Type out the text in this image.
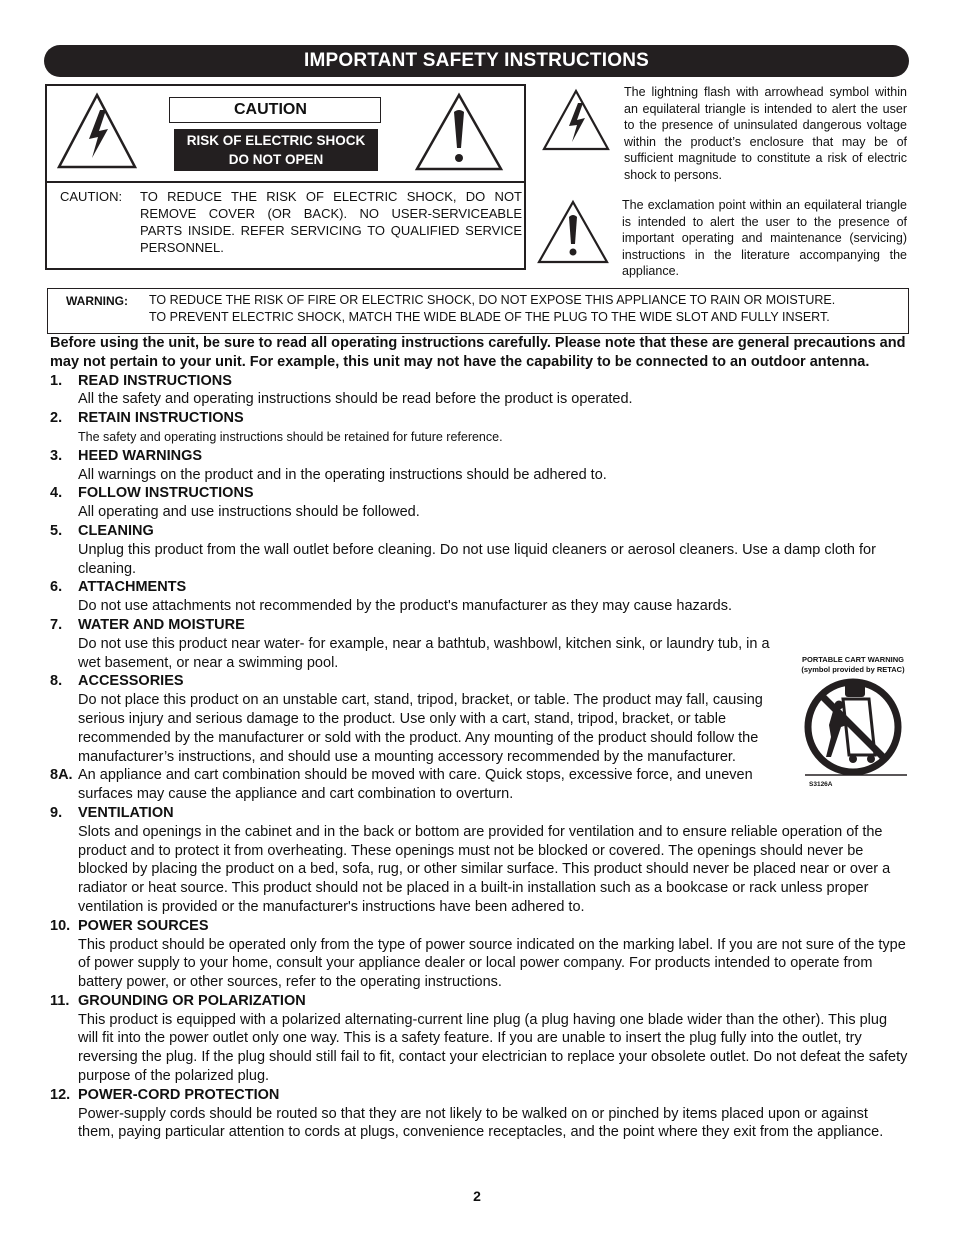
IMPORTANT SAFETY INSTRUCTIONS
CAUTION
RISK OF ELECTRIC SHOCK
DO NOT OPEN
CAUTION:	TO REDUCE THE RISK OF ELECTRIC SHOCK, DO NOT REMOVE COVER (OR BACK). NO USER-SERVICEABLE PARTS INSIDE. REFER SERVICING TO QUALIFIED SERVICE PERSONNEL.
The lightning flash with arrowhead symbol within an equilateral triangle is intended to alert the user to the presence of uninsulated dangerous voltage within the product’s enclosure that may be of sufficient magnitude to constitute a risk of electric shock to persons.
The exclamation point within an equilateral triangle is intended to alert the user to the presence of important operating and maintenance (servicing) instructions in the literature accompanying the appliance.
WARNING: TO REDUCE THE RISK OF FIRE OR ELECTRIC SHOCK, DO NOT EXPOSE THIS APPLIANCE TO RAIN OR MOISTURE.
TO PREVENT ELECTRIC SHOCK, MATCH THE WIDE BLADE OF THE PLUG TO THE WIDE SLOT AND FULLY INSERT.
Before using the unit, be sure to read all operating instructions carefully. Please note that these are general precautions and may not pertain to your unit. For example, this unit may not have the capability to be connected to an outdoor antenna.
1.	READ INSTRUCTIONS
All the safety and operating instructions should be read before the product is operated.
2.	RETAIN INSTRUCTIONS
The safety and operating instructions should be retained for future reference.
3.	HEED WARNINGS
All warnings on the product and in the operating instructions should be adhered to.
4.	FOLLOW INSTRUCTIONS
All operating and use instructions should be followed.
5.	CLEANING
Unplug this product from the wall outlet before cleaning. Do not use liquid cleaners or aerosol cleaners. Use a damp cloth for cleaning.
6.	ATTACHMENTS
Do not use attachments not recommended by the product's manufacturer as they may cause hazards.
7.	WATER AND MOISTURE
Do not use this product near water- for example, near a bathtub, washbowl, kitchen sink, or laundry tub, in a wet basement, or near a swimming pool.
8.	ACCESSORIES
Do not place this product on an unstable cart, stand, tripod, bracket, or table. The product may fall, causing serious injury and serious damage to the product. Use only with a cart, stand, tripod, bracket, or table recommended by the manufacturer or sold with the product. Any mounting of the product should follow the manufacturer’s instructions, and should use a mounting accessory recommended by the manufacturer.
8A. An appliance and cart combination should be moved with care. Quick stops, excessive force, and uneven surfaces may cause the appliance and cart combination to overturn.
9.	VENTILATION
Slots and openings in the cabinet and in the back or bottom are provided for ventilation and to ensure reliable operation of the product and to protect it from overheating. These openings must not be blocked or covered. The openings should never be blocked by placing the product on a bed, sofa, rug, or other similar surface. This product should never be placed near or over a radiator or heat source. This product should not be placed in a built-in installation such as a bookcase or rack unless proper ventilation is provided or the manufacturer's instructions have been adhered to.
10. POWER SOURCES
This product should be operated only from the type of power source indicated on the marking label. If you are not sure of the type of power supply to your home, consult your appliance dealer or local power company. For products intended to operate from battery power, or other sources, refer to the operating instructions.
11. GROUNDING OR POLARIZATION
This product is equipped with a polarized alternating-current line plug (a plug having one blade wider than the other). This plug will fit into the power outlet only one way. This is a safety feature. If you are unable to insert the plug fully into the outlet, try reversing the plug. If the plug should still fail to fit, contact your electrician to replace your obsolete outlet. Do not defeat the safety purpose of the polarized plug.
12. POWER-CORD PROTECTION
Power-supply cords should be routed so that they are not likely to be walked on or pinched by items placed upon or against them, paying particular attention to cords at plugs, convenience receptacles, and the point where they exit from the appliance.
PORTABLE CART WARNING
(symbol provided by RETAC)
S3126A
2
